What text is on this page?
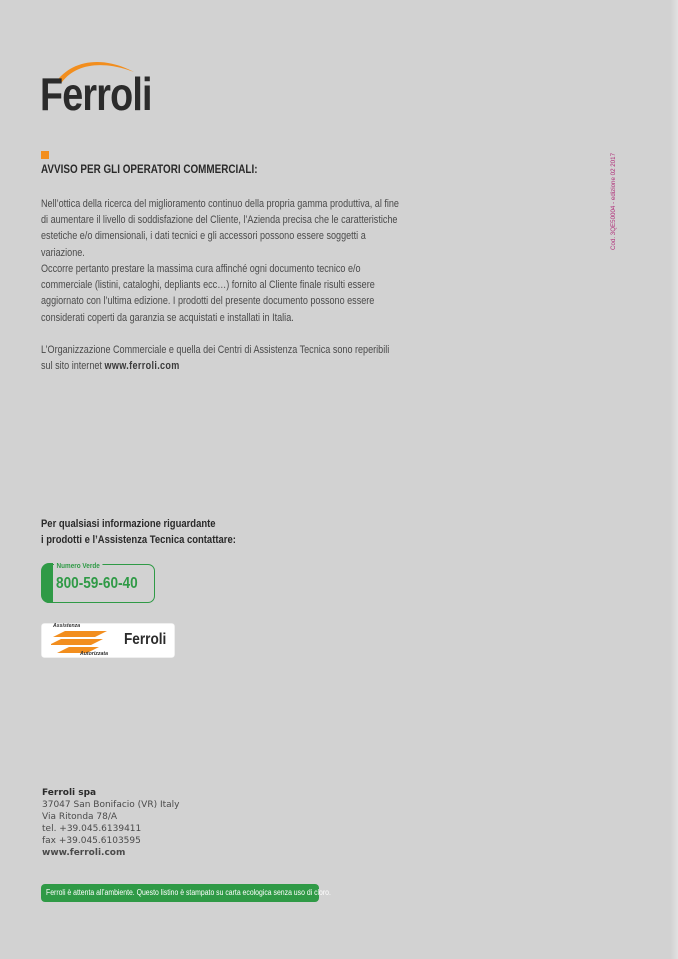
Ferroli
AVVISO PER GLI OPERATORI COMMERCIALI:
Nell’ottica della ricerca del miglioramento continuo della propria gamma produttiva, al fine di aumentare il livello di soddisfazione del Cliente, l’Azienda precisa che le caratteristiche estetiche e/o dimensionali, i dati tecnici e gli accessori possono essere soggetti a variazione.
Occorre pertanto prestare la massima cura affinché ogni documento tecnico e/o commerciale (listini, cataloghi, depliants ecc…) fornito al Cliente finale risulti essere aggiornato con l’ultima edizione. I prodotti del presente documento possono essere considerati coperti da garanzia se acquistati e installati in Italia.
L’Organizzazione Commerciale e quella dei Centri di Assistenza Tecnica sono reperibili sul sito internet www.ferroli.com
Cod. 3QE50004 - edizione 02 2017
Per qualsiasi informazione riguardante
i prodotti e l’Assistenza Tecnica contattare:
Numero Verde
800-59-60-40
Assistenza
Autorizzata
Ferroli
Ferroli spa
37047 San Bonifacio (VR) Italy
Via Ritonda 78/A
tel. +39.045.6139411
fax +39.045.6103595
www.ferroli.com
Ferroli è attenta all’ambiente. Questo listino è stampato su carta ecologica senza uso di cloro.
